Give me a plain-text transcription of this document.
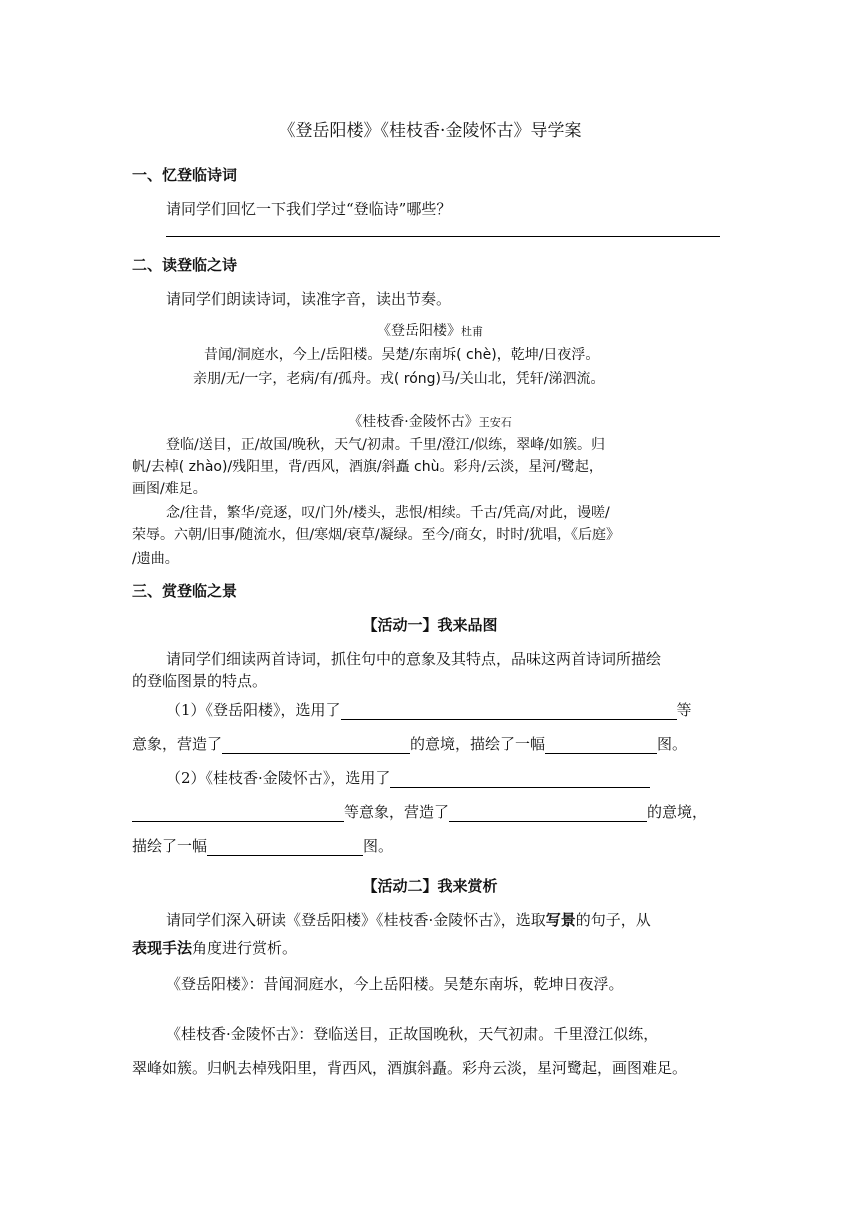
《登岳阳楼》《桂枝香·金陵怀古》导学案
一、忆登临诗词
请同学们回忆一下我们学过“登临诗”哪些？
二、读登临之诗
请同学们朗读诗词，读准字音，读出节奏。
《登岳阳楼》杜甫
昔闻/洞庭水，今上/岳阳楼。吴楚/东南坼( chè)，乾坤/日夜浮。
亲朋/无/一字，老病/有/孤舟。戎( róng)马/关山北，凭轩/涕泗流。
《桂枝香·金陵怀古》王安石
登临/送目，正/故国/晚秋，天气/初肃。千里/澄江/似练，翠峰/如簇。归
帆/去棹( zhào)/残阳里，背/西风，酒旗/斜矗 chù。彩舟/云淡，星河/鹭起，
画图/难足。
念/往昔，繁华/竞逐，叹/门外/楼头，悲恨/相续。千古/凭高/对此，谩嗟/
荣辱。六朝/旧事/随流水，但/寒烟/衰草/凝绿。至今/商女，时时/犹唱，《后庭》
/遗曲。
三、赏登临之景
【活动一】我来品图
请同学们细读两首诗词，抓住句中的意象及其特点，品味这两首诗词所描绘
的登临图景的特点。
（1）《登岳阳楼》，选用了	等
意象，营造了	的意境，描绘了一幅	图。
（2）《桂枝香·金陵怀古》，选用了
等意象，营造了	的意境，
描绘了一幅	图。
【活动二】我来赏析
请同学们深入研读《登岳阳楼》《桂枝香·金陵怀古》，选取写景的句子，从
表现手法角度进行赏析。
《登岳阳楼》：昔闻洞庭水，今上岳阳楼。吴楚东南坼，乾坤日夜浮。
《桂枝香·金陵怀古》：登临送目，正故国晚秋，天气初肃。千里澄江似练，
翠峰如簇。归帆去棹残阳里，背西风，酒旗斜矗。彩舟云淡，星河鹭起，画图难足。
